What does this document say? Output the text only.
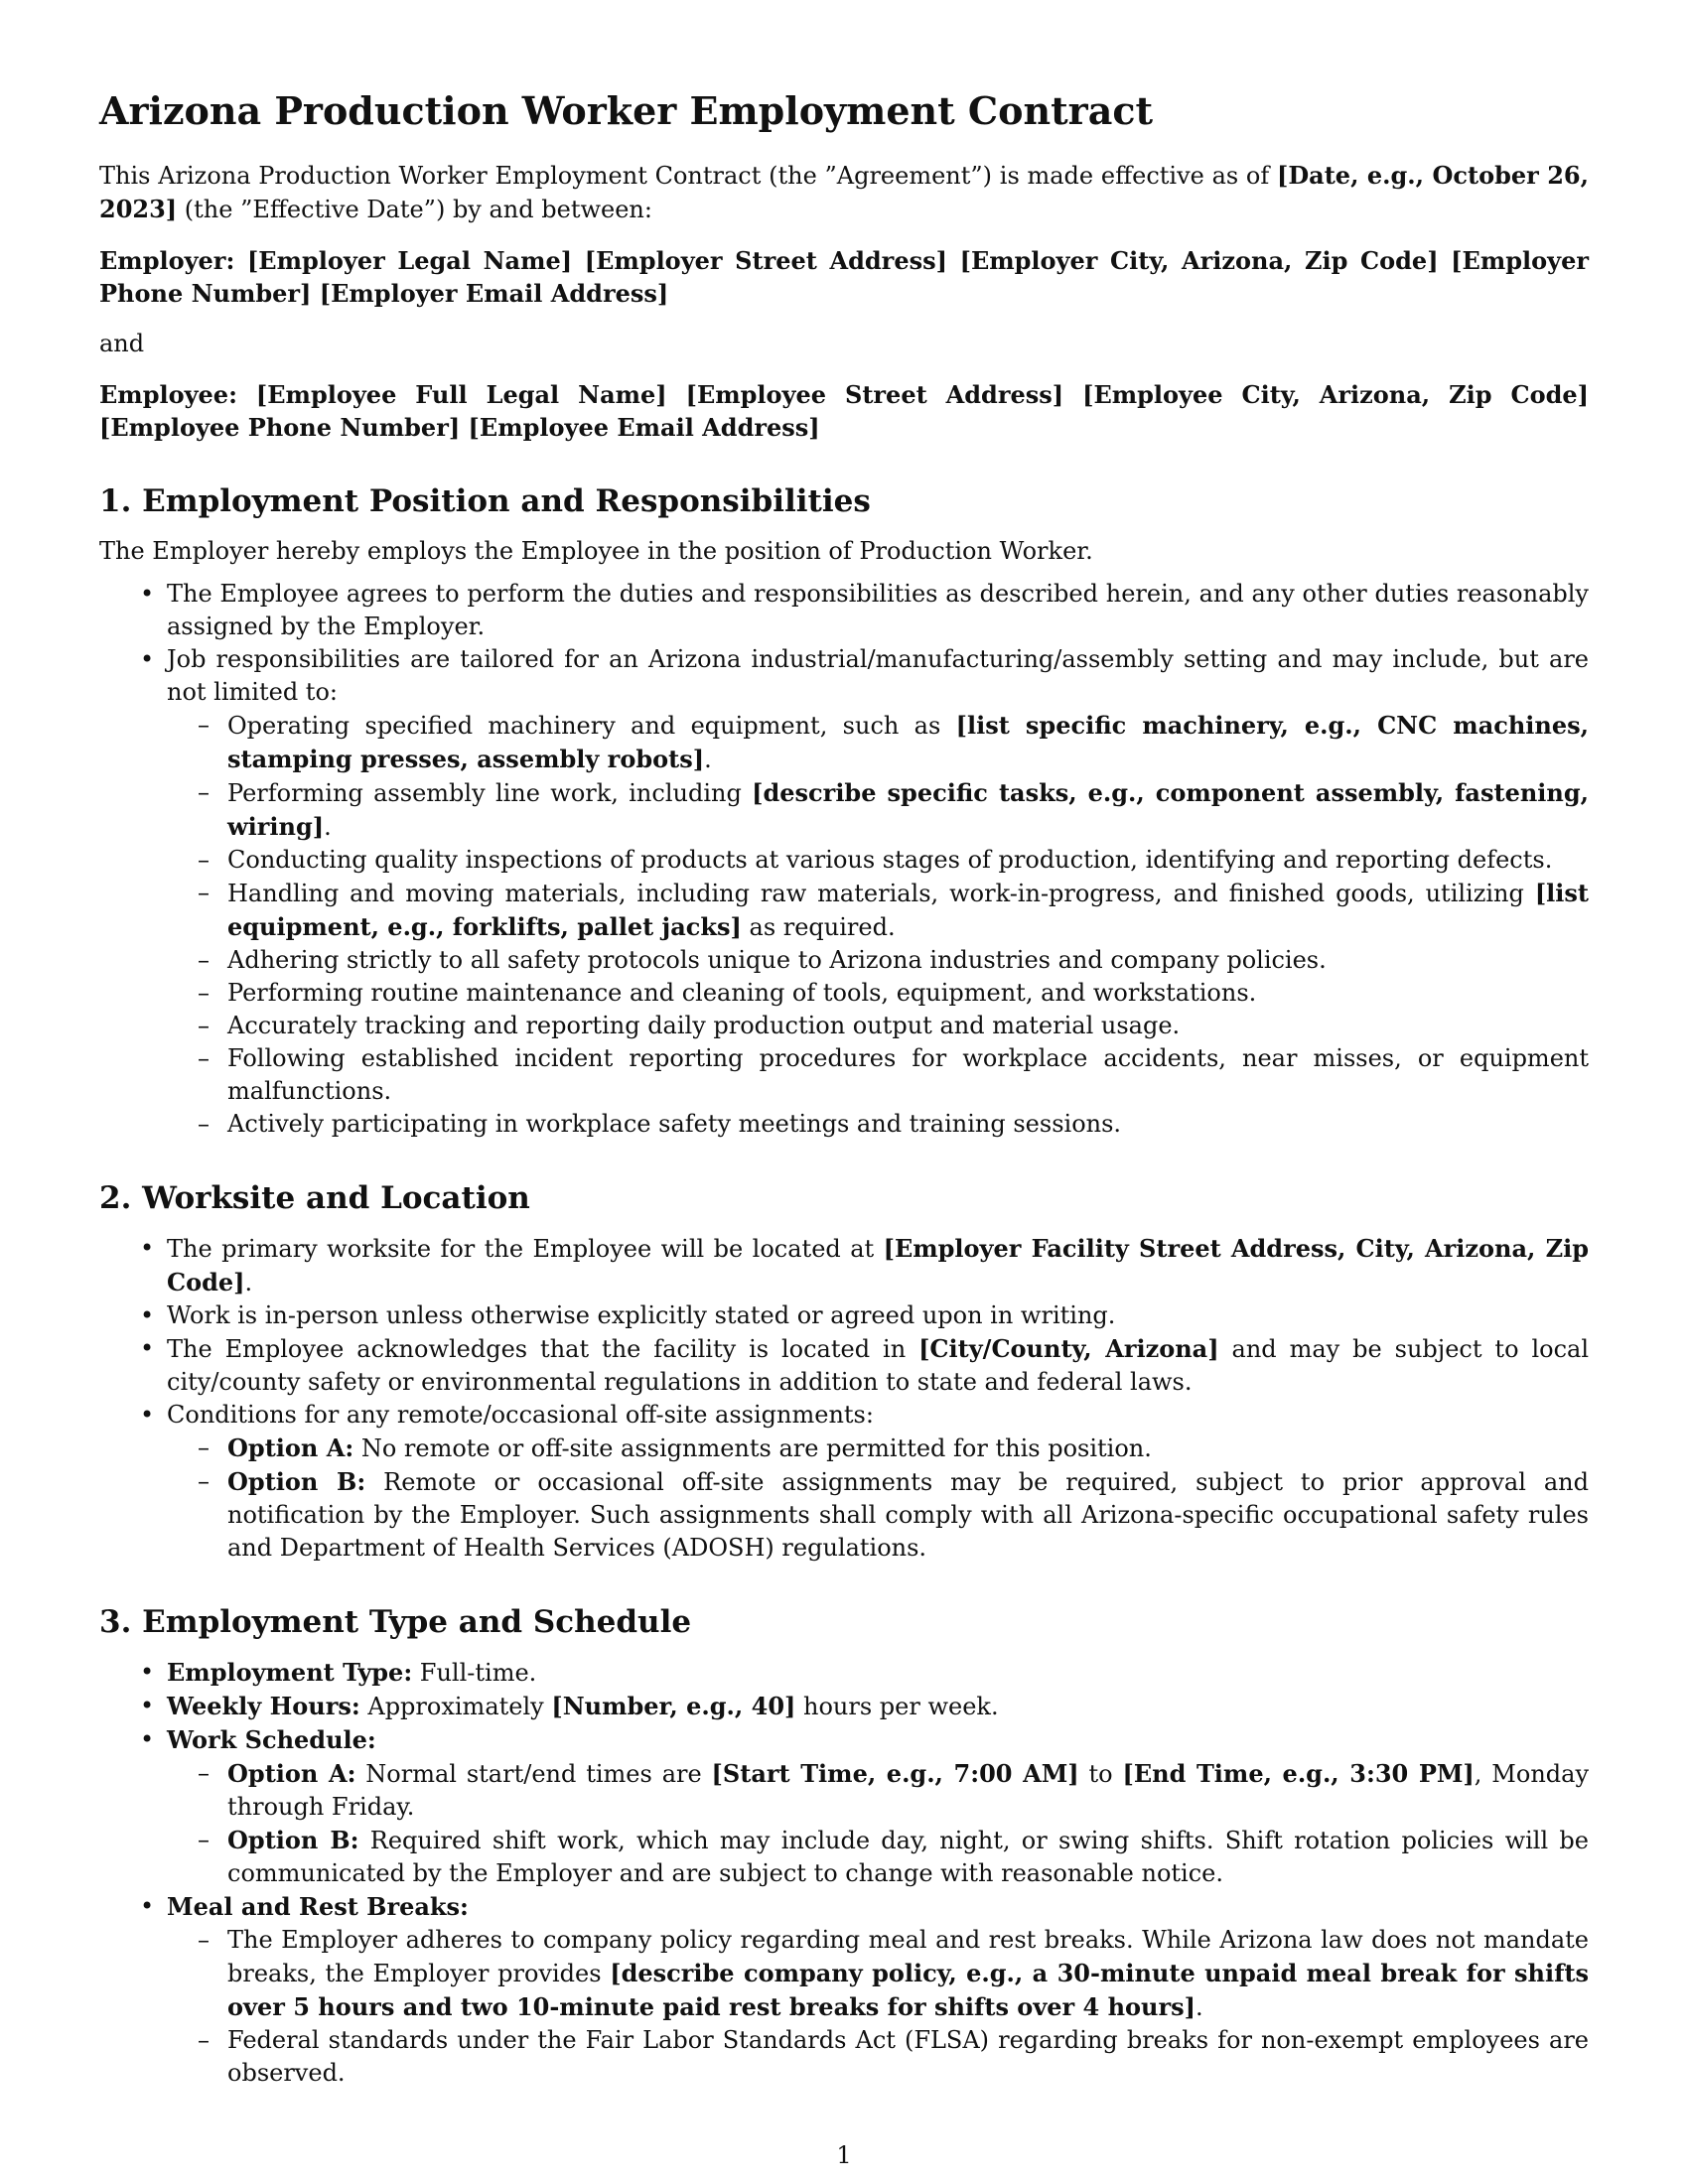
Arizona Production Worker Employment Contract

This Arizona Production Worker Employment Contract (the ”Agreement”) is made effective as of [Date, e.g., October 26, 2023] (the ”Effective Date”) by and between:

Employer: [Employer Legal Name] [Employer Street Address] [Employer City, Arizona, Zip Code] [Employer Phone Number] [Employer Email Address]

and

Employee: [Employee Full Legal Name] [Employee Street Address] [Employee City, Arizona, Zip Code] [Employee Phone Number] [Employee Email Address]

1. Employment Position and Responsibilities

The Employer hereby employs the Employee in the position of Production Worker.

• The Employee agrees to perform the duties and responsibilities as described herein, and any other duties reasonably assigned by the Employer.
• Job responsibilities are tailored for an Arizona industrial/manufacturing/assembly setting and may include, but are not limited to:
– Operating specified machinery and equipment, such as [list specific machinery, e.g., CNC machines, stamping presses, assembly robots].
– Performing assembly line work, including [describe specific tasks, e.g., component assembly, fastening, wiring].
– Conducting quality inspections of products at various stages of production, identifying and reporting defects.
– Handling and moving materials, including raw materials, work-in-progress, and finished goods, utilizing [list equipment, e.g., forklifts, pallet jacks] as required.
– Adhering strictly to all safety protocols unique to Arizona industries and company policies.
– Performing routine maintenance and cleaning of tools, equipment, and workstations.
– Accurately tracking and reporting daily production output and material usage.
– Following established incident reporting procedures for workplace accidents, near misses, or equipment malfunctions.
– Actively participating in workplace safety meetings and training sessions.
2. Worksite and Location
• The primary worksite for the Employee will be located at [Employer Facility Street Address, City, Arizona, Zip Code].
• Work is in-person unless otherwise explicitly stated or agreed upon in writing.
• The Employee acknowledges that the facility is located in [City/County, Arizona] and may be subject to local city/county safety or environmental regulations in addition to state and federal laws.
• Conditions for any remote/occasional off-site assignments:
– Option A: No remote or off-site assignments are permitted for this position.
– Option B: Remote or occasional off-site assignments may be required, subject to prior approval and notification by the Employer. Such assignments shall comply with all Arizona-specific occupational safety rules and Department of Health Services (ADOSH) regulations.
3. Employment Type and Schedule
• Employment Type: Full-time.
• Weekly Hours: Approximately [Number, e.g., 40] hours per week.
• Work Schedule:
– Option A: Normal start/end times are [Start Time, e.g., 7:00 AM] to [End Time, e.g., 3:30 PM], Monday through Friday.
– Option B: Required shift work, which may include day, night, or swing shifts. Shift rotation policies will be communicated by the Employer and are subject to change with reasonable notice.
• Meal and Rest Breaks:
– The Employer adheres to company policy regarding meal and rest breaks. While Arizona law does not mandate breaks, the Employer provides [describe company policy, e.g., a 30-minute unpaid meal break for shifts over 5 hours and two 10-minute paid rest breaks for shifts over 4 hours].
– Federal standards under the Fair Labor Standards Act (FLSA) regarding breaks for non-exempt employees are observed.
1
